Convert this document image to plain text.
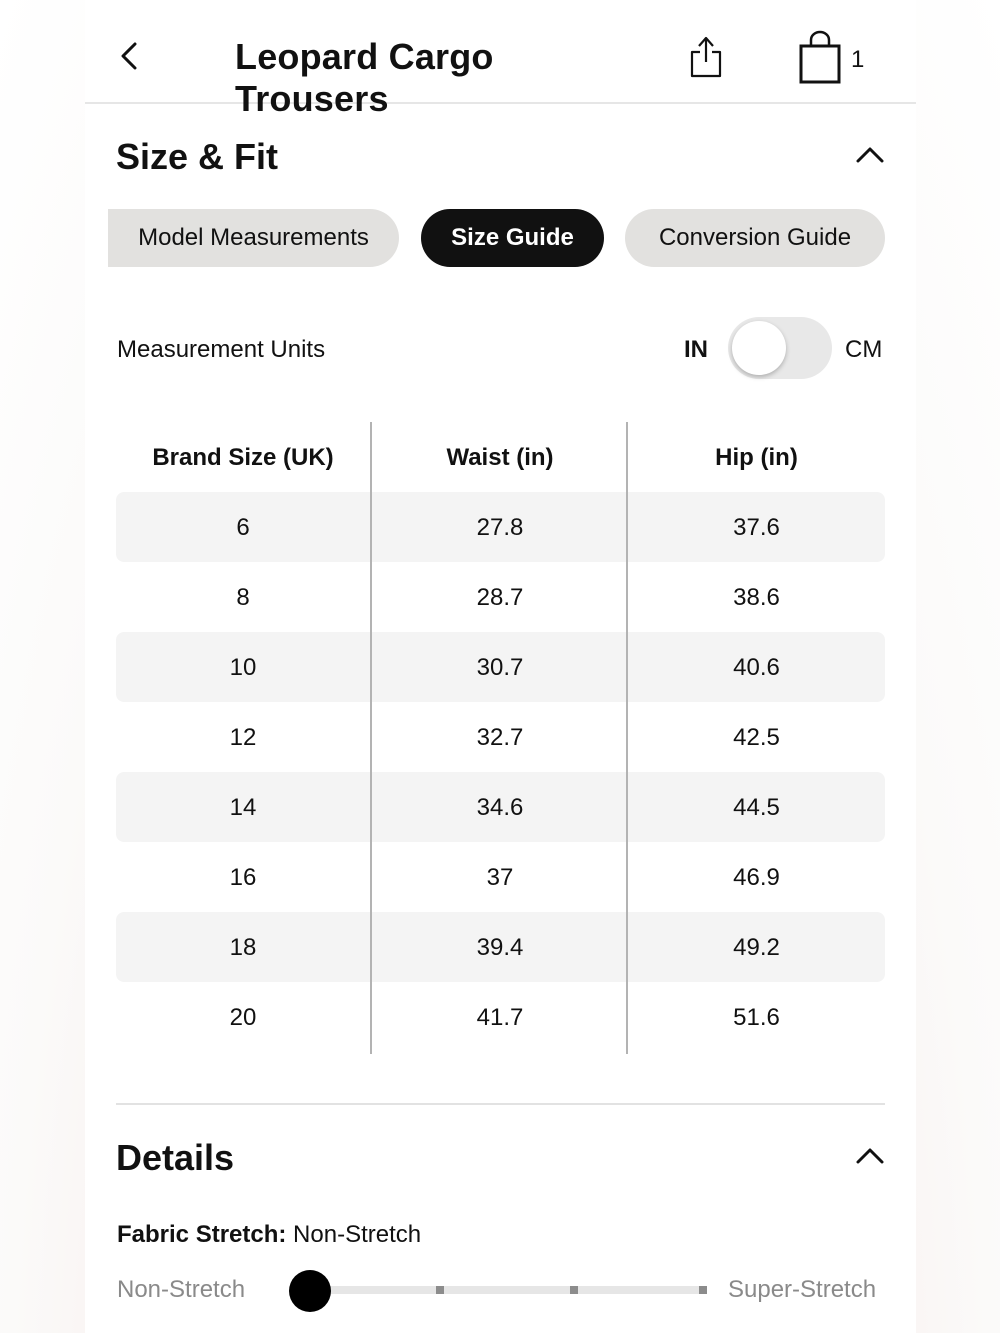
Leopard Cargo Trousers
1
Size & Fit
Model Measurements	Size Guide	Conversion Guide
Measurement Units	IN	CM
Brand Size (UK)	Waist (in)	Hip (in)
6	27.8	37.6
8	28.7	38.6
10	30.7	40.6
12	32.7	42.5
14	34.6	44.5
16	37	46.9
18	39.4	49.2
20	41.7	51.6
Details
Fabric Stretch: Non-Stretch
Non-Stretch	Super-Stretch
